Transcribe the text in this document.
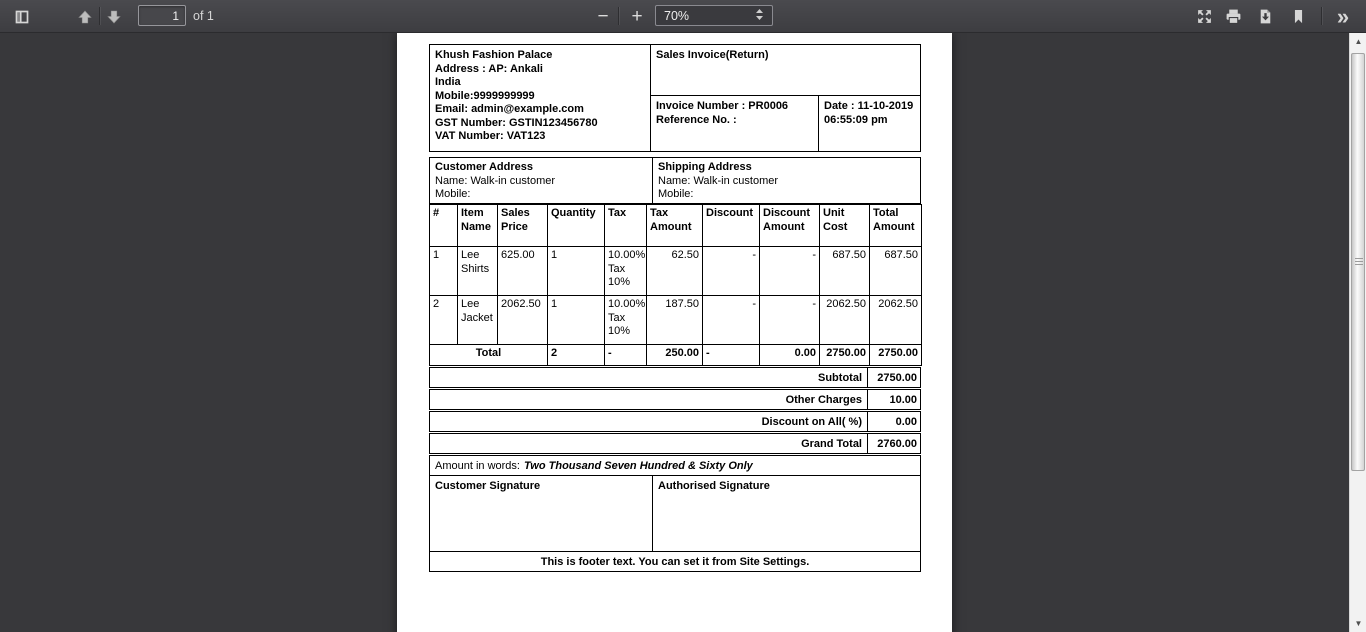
1
of 1	− + 70%	»
Khush Fashion Palace
Address : AP: Ankali
India
Mobile:9999999999
Email: admin@example.com
GST Number: GSTIN123456780
VAT Number: VAT123
Sales Invoice(Return)
Invoice Number : PR0006
Reference No. :
Date : 11-10-2019
06:55:09 pm
Customer Address
Name: Walk-in customer
Mobile:
Shipping Address
Name: Walk-in customer
Mobile:
#	Item Name	Sales Price	Quantity	Tax	Tax Amount	Discount	Discount Amount	Unit Cost	Total Amount
1	Lee Shirts	625.00	1	10.00% Tax 10%	62.50	-	-	687.50	687.50
2	Lee Jacket	2062.50	1	10.00% Tax 10%	187.50	-	-	2062.50	2062.50
Total			2	-	250.00	-	0.00	2750.00	2750.00
Subtotal	2750.00
Other Charges	10.00
Discount on All( %)	0.00
Grand Total	2760.00
Amount in words: Two Thousand Seven Hundred & Sixty Only
Customer Signature	Authorised Signature
This is footer text. You can set it from Site Settings.
▲
▼
